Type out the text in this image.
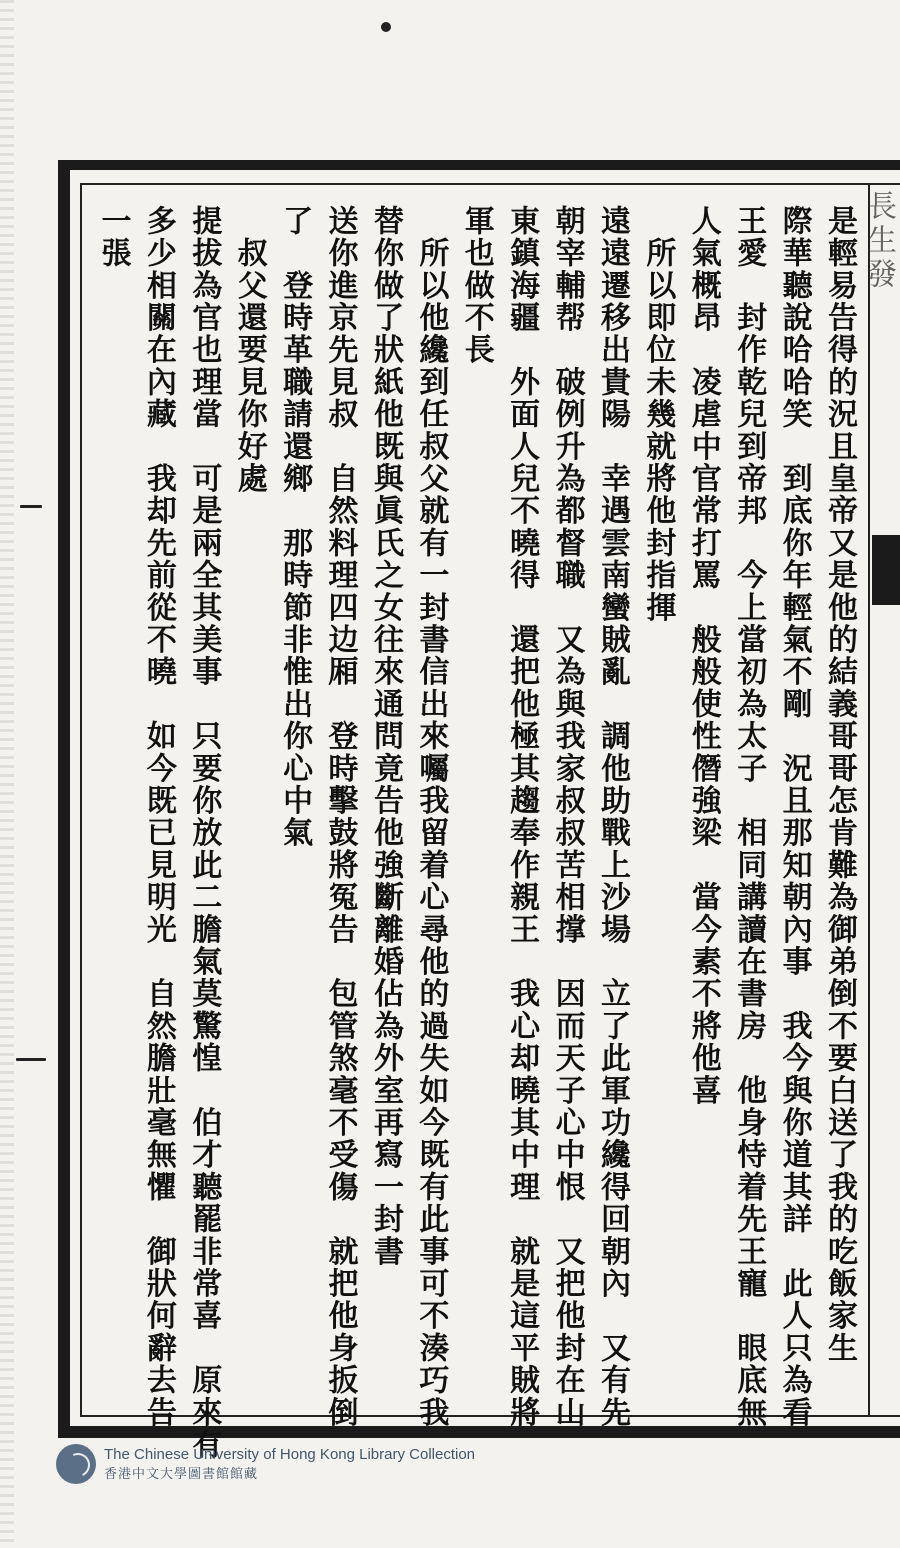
長生發
是輕易告得的況且皇帝又是他的結義哥哥怎肯難為御弟倒不要白送了我的吃飯家生
際華聽說哈哈笑　到底你年輕氣不剛　況且那知朝內事　我今與你道其詳　此人只為看
王愛　封作乾兒到帝邦　今上當初為太子　相同講讀在書房　他身恃着先王寵　眼底無
人氣概昂　凌虐中官常打罵　般般使性僭強梁　當今素不將他喜
　所以即位未幾就將他封指揮
遠遠遷移出貴陽　幸遇雲南蠻賊亂　調他助戰上沙場　立了此軍功纔得回朝內　又有先
朝宰輔帮　破例升為都督職　又為與我家叔叔苦相撑　因而天子心中恨　又把他封在山
東鎮海疆　外面人兒不曉得　還把他極其趨奉作親王　我心却曉其中理　就是這平賊將
軍也做不長
　所以他纔到任叔父就有一封書信出來囑我留着心尋他的過失如今既有此事可不湊巧我
替你做了狀紙他既與眞氏之女往來通問竟告他強斷離婚佔為外室再寫一封書
送你進京先見叔　自然料理四边厢　登時擊鼓將冤告　包管煞毫不受傷　就把他身扳倒
了　登時革職請還鄉　那時節非惟出你心中氣
　叔父還要見你好處
提拔為官也理當　可是兩全其美事　只要你放此二膽氣莫驚惶　伯才聽罷非常喜　原來有
多少相關在內藏　我却先前從不曉　如今既已見明光　自然膽壯毫無懼　御狀何辭去告
一張
The Chinese University of Hong Kong Library Collection
香港中文大學圖書館館藏
